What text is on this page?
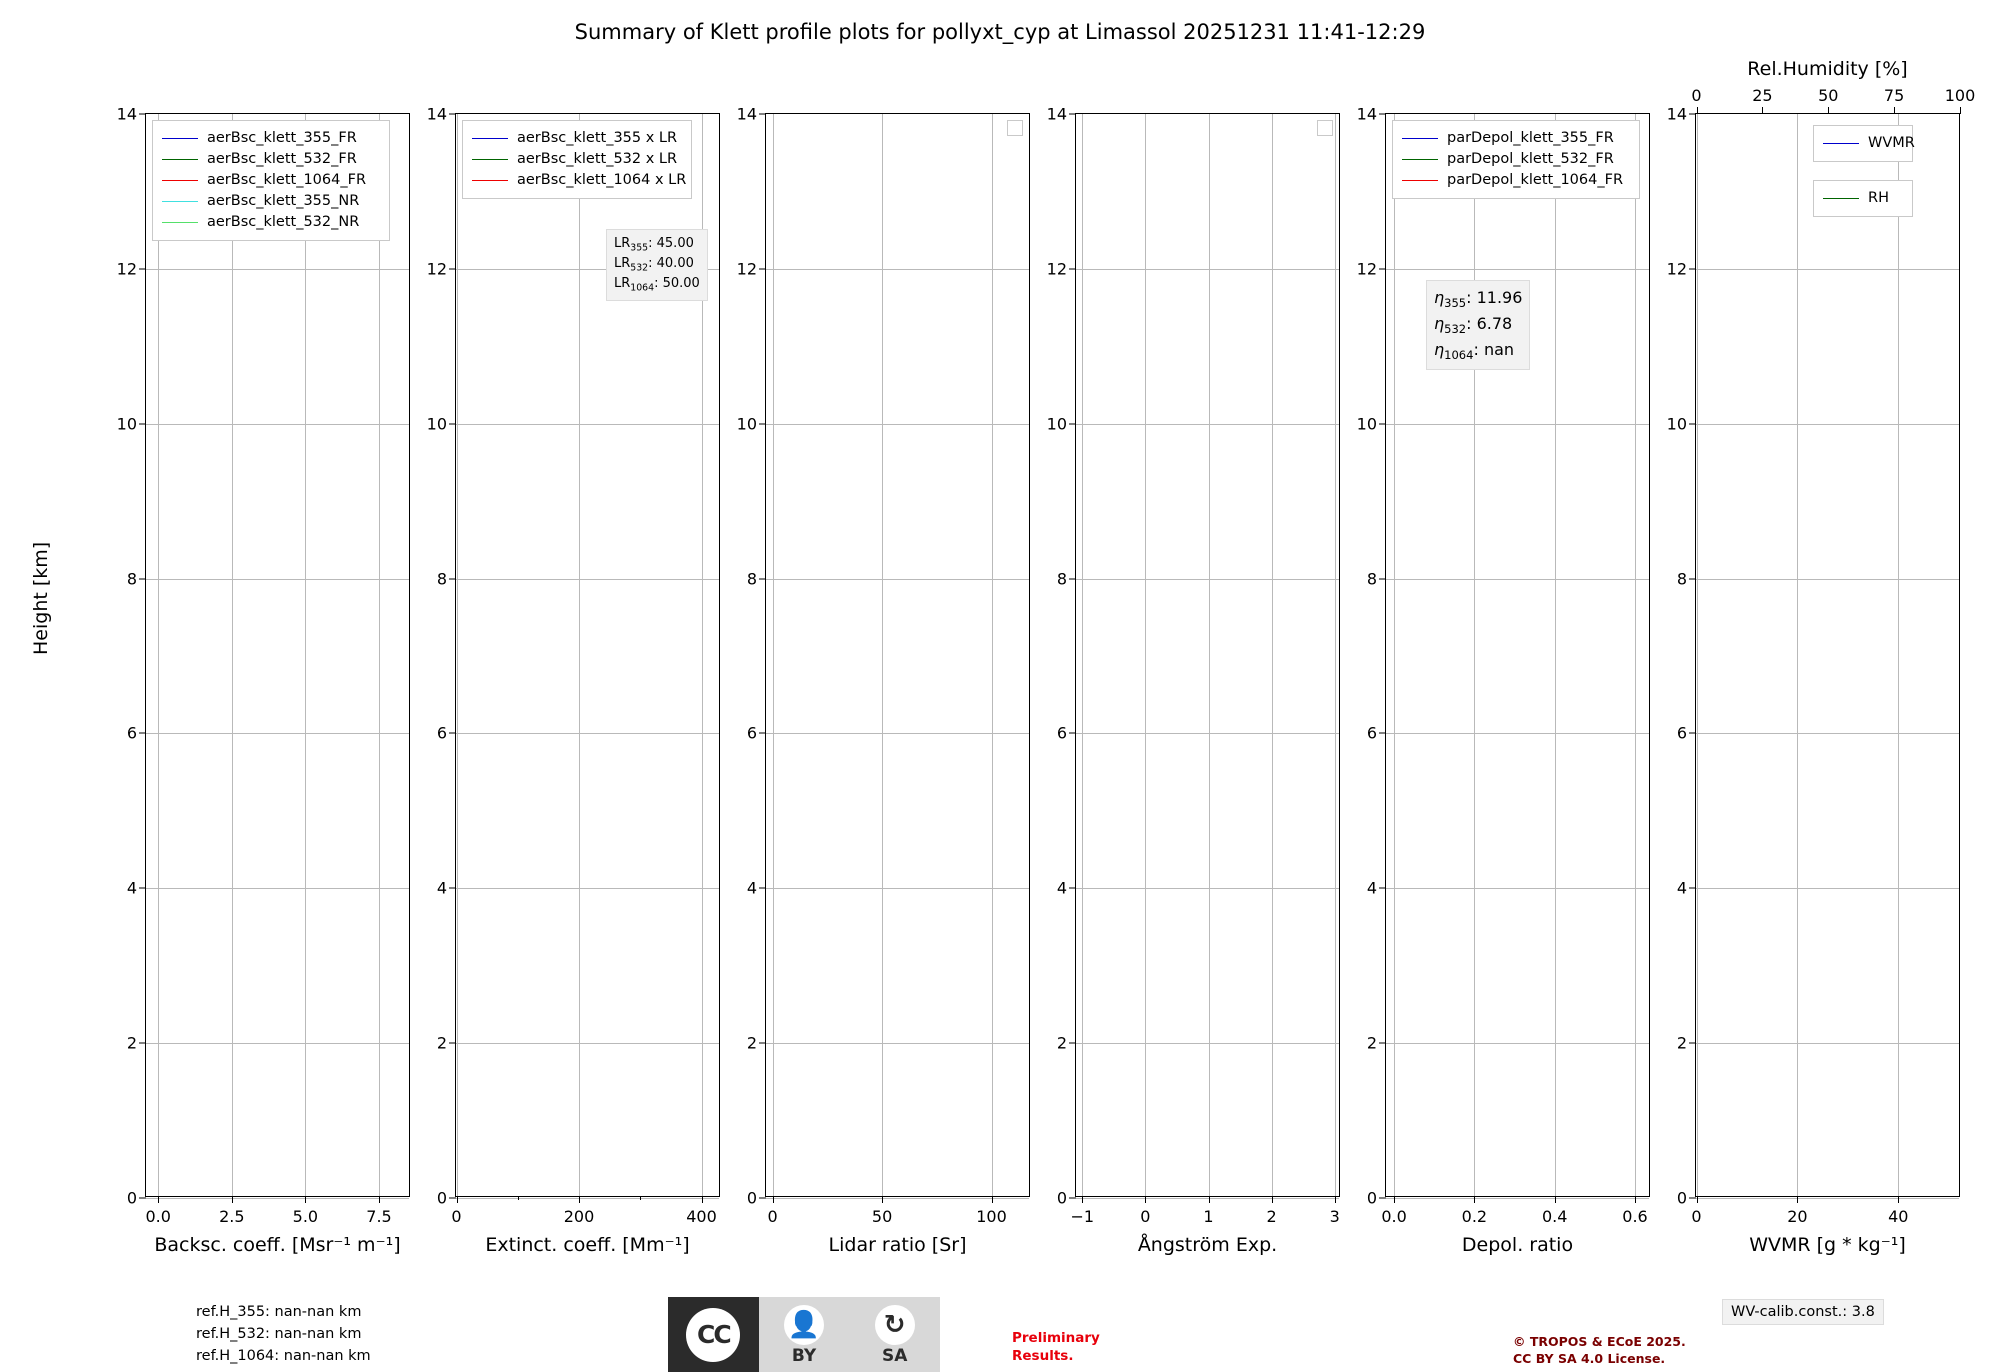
Summary of Klett profile plots for pollyxt_cyp at Limassol 20251231 11:41-12:29
Height [km]
0
2
4
6
8
10
12
14
0.0	2.5	5.0	7.5
Backsc. coeff. [Msr⁻¹ m⁻¹]
aerBsc_klett_355_FR
aerBsc_klett_532_FR
aerBsc_klett_1064_FR
aerBsc_klett_355_NR
aerBsc_klett_532_NR
0
2
4
6
8
10
12
14
0	200	400
Extinct. coeff. [Mm⁻¹]
aerBsc_klett_355 x LR
aerBsc_klett_532 x LR
aerBsc_klett_1064 x LR
$LR_{355}$: 45.00
$LR_{532}$: 40.00
$LR_{1064}$: 50.00
0
2
4
6
8
10
12
14
0	50	100
Lidar ratio [Sr]
0
2
4
6
8
10
12
14
−1	0	1	2	3
Ångström Exp.
0
2
4
6
8
10
12
14
0.0	0.2	0.4	0.6
Depol. ratio
parDepol_klett_355_FR
parDepol_klett_532_FR
parDepol_klett_1064_FR
$\eta_{355}$: 11.96
$\eta_{532}$: 6.78
$\eta_{1064}$: nan
0
2
4
6
8
10
12
14
0	20	40
0	25	50	75	100
WVMR [g * kg⁻¹]
Rel.Humidity [%]
WVMR
RH
ref.H_355: nan-nan km
ref.H_532: nan-nan km
ref.H_1064: nan-nan km
WV-calib.const.: 3.8
Preliminary
Results.
© TROPOS & ECoE 2025.
CC BY SA 4.0 License.
CC	👤
BY
↻
SA
